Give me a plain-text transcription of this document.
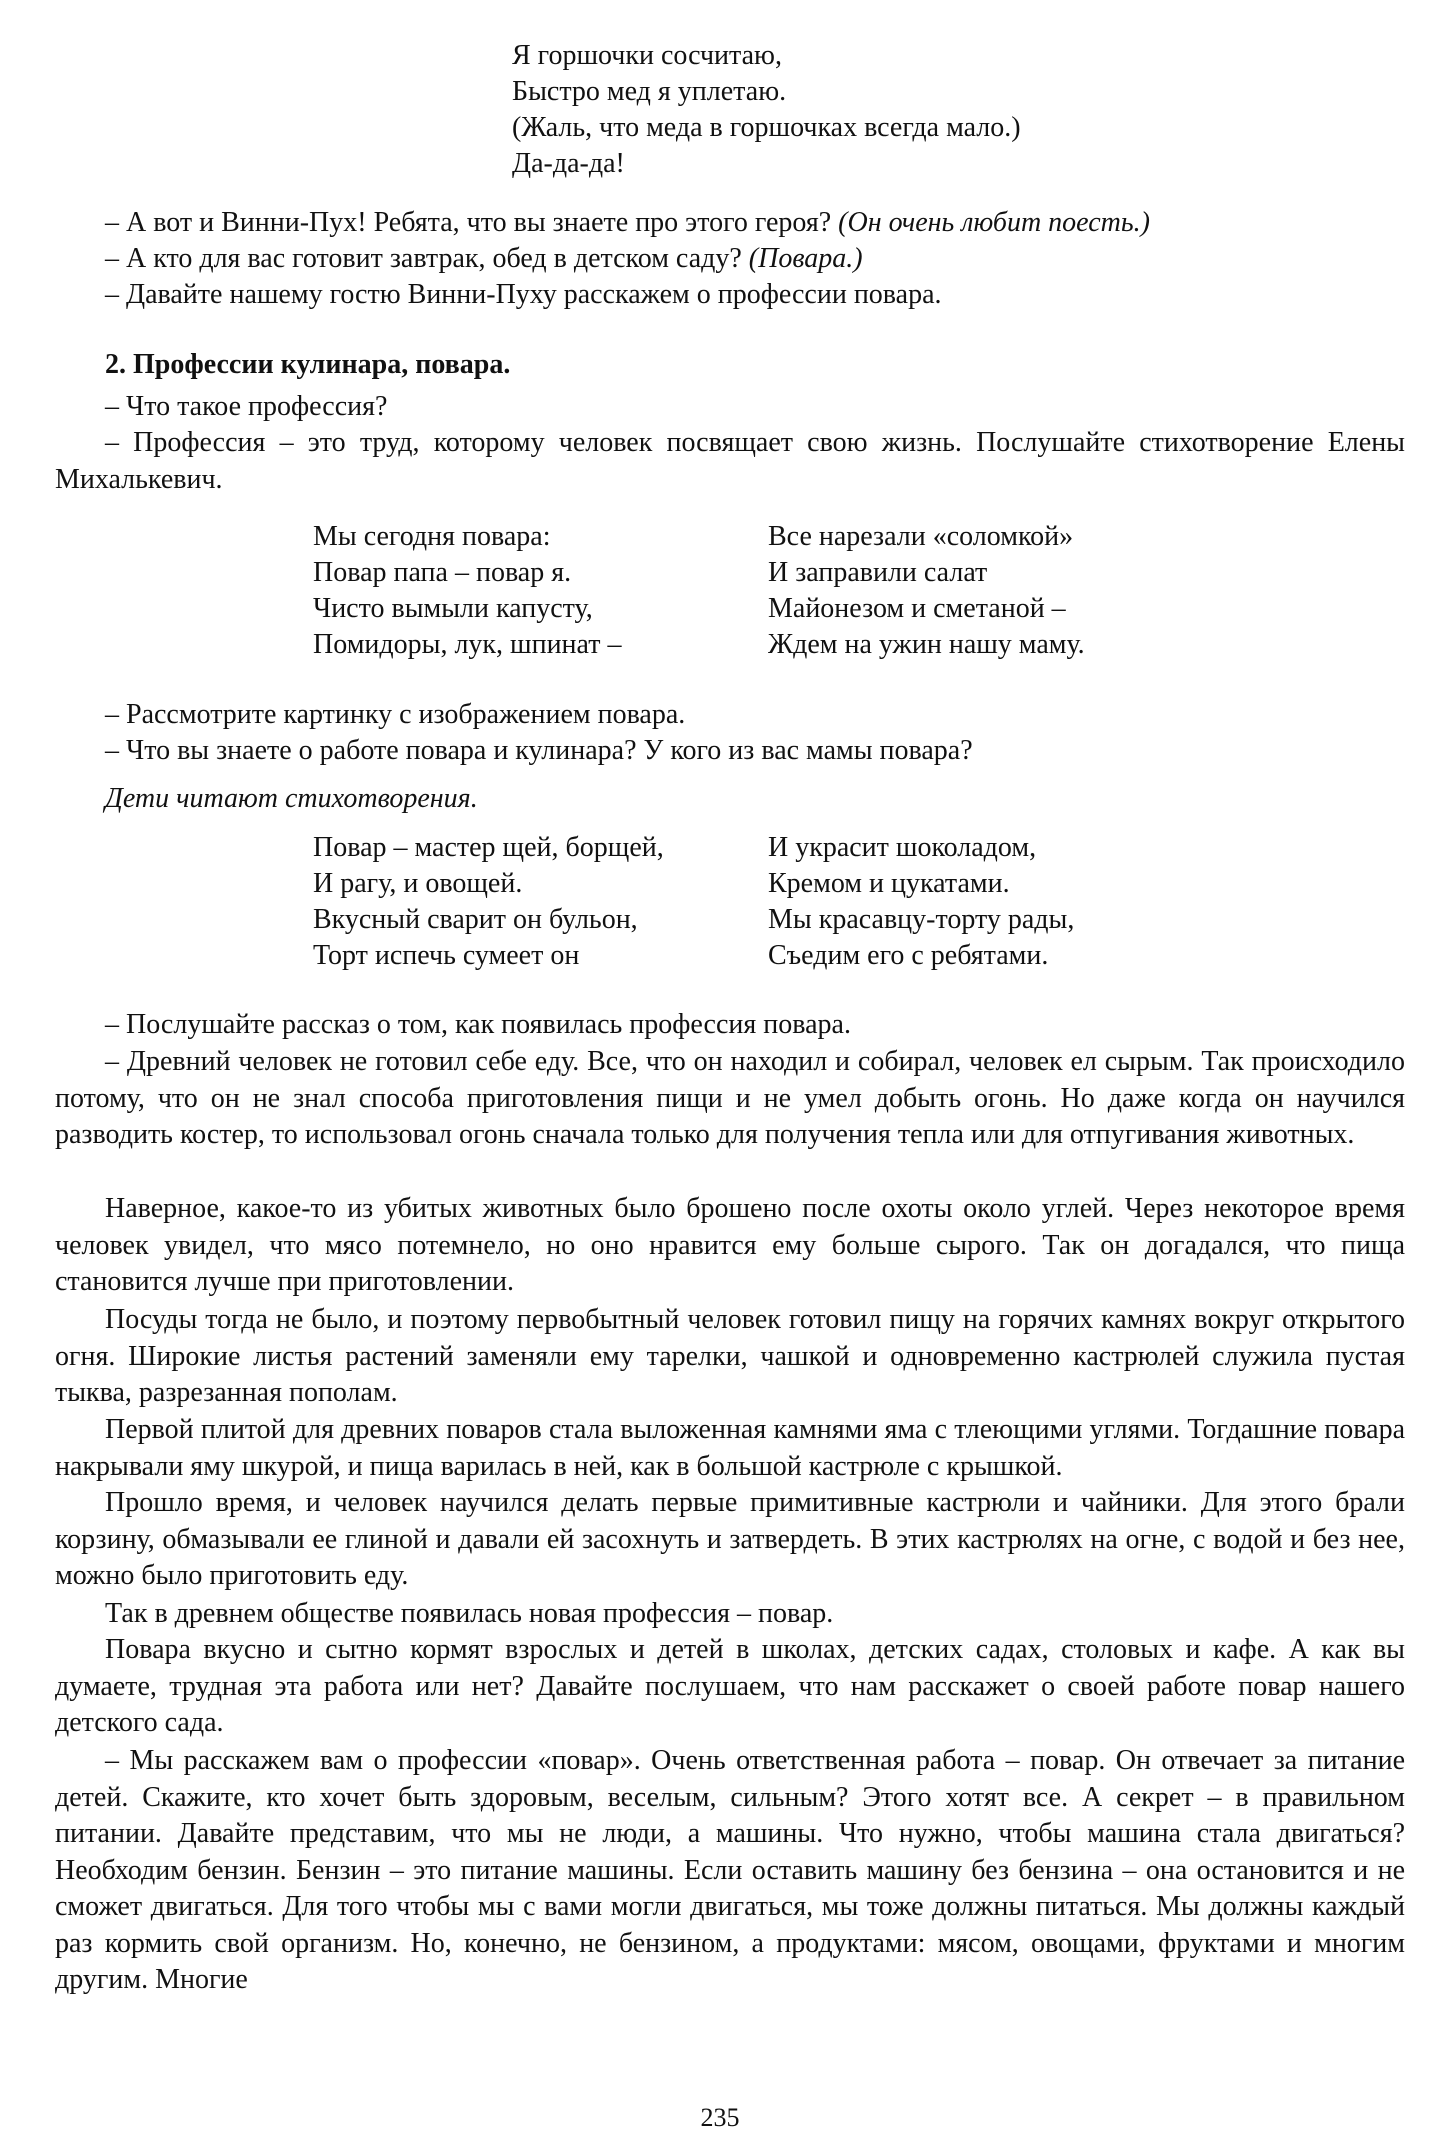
Я горшочки сосчитаю,
Быстро мед я уплетаю.
(Жаль, что меда в горшочках всегда мало.)
Да-да-да!
– А вот и Винни-Пух! Ребята, что вы знаете про этого героя? (Он очень любит поесть.)
– А кто для вас готовит завтрак, обед в детском саду? (Повара.)
– Давайте нашему гостю Винни-Пуху расскажем о профессии повара.
2. Профессии кулинара, повара.
– Что такое профессия?

– Профессия – это труд, которому человек посвящает свою жизнь. Послушайте стихотворение Елены Михалькевич.

Мы сегодня повара:
Повар папа – повар я.
Чисто вымыли капусту,
Помидоры, лук, шпинат –
Все нарезали «соломкой»
И заправили салат
Майонезом и сметаной –
Ждем на ужин нашу маму.
– Рассмотрите картинку с изображением повара.
– Что вы знаете о работе повара и кулинара? У кого из вас мамы повара?
Дети читают стихотворения.
Повар – мастер щей, борщей,
И рагу, и овощей.
Вкусный сварит он бульон,
Торт испечь сумеет он
И украсит шоколадом,
Кремом и цукатами.
Мы красавцу-торту рады,
Съедим его с ребятами.
– Послушайте рассказ о том, как появилась профессия повара.

– Древний человек не готовил себе еду. Все, что он находил и собирал, человек ел сырым. Так происходило потому, что он не знал способа приготовления пищи и не умел добыть огонь. Но даже когда он научился разводить костер, то использовал огонь сначала только для получения тепла или для отпугивания животных.

Наверное, какое-то из убитых животных было брошено после охоты около углей. Через некоторое время человек увидел, что мясо потемнело, но оно нравится ему больше сырого. Так он догадался, что пища становится лучше при приготовлении.

Посуды тогда не было, и поэтому первобытный человек готовил пищу на горячих камнях вокруг открытого огня. Широкие листья растений заменяли ему тарелки, чашкой и одновременно кастрюлей служила пустая тыква, разрезанная пополам.

Первой плитой для древних поваров стала выложенная камнями яма с тлеющими углями. Тогдашние повара накрывали яму шкурой, и пища варилась в ней, как в большой кастрюле с крышкой.

Прошло время, и человек научился делать первые примитивные кастрюли и чайники. Для этого брали корзину, обмазывали ее глиной и давали ей засохнуть и затвердеть. В этих кастрюлях на огне, с водой и без нее, можно было приготовить еду.

Так в древнем обществе появилась новая профессия – повар.

Повара вкусно и сытно кормят взрослых и детей в школах, детских садах, столовых и кафе. А как вы думаете, трудная эта работа или нет? Давайте послушаем, что нам расскажет о своей работе повар нашего детского сада.

– Мы расскажем вам о профессии «повар». Очень ответственная работа – повар. Он отвечает за питание детей. Скажите, кто хочет быть здоровым, веселым, сильным? Этого хотят все. А секрет – в правильном питании. Давайте представим, что мы не люди, а машины. Что нужно, чтобы машина стала двигаться? Необходим бензин. Бензин – это питание машины. Если оставить машину без бензина – она остановится и не сможет двигаться. Для того чтобы мы с вами могли двигаться, мы тоже должны питаться. Мы должны каждый раз кормить свой организм. Но, конечно, не бензином, а продуктами: мясом, овощами, фруктами и многим другим. Многие

235
